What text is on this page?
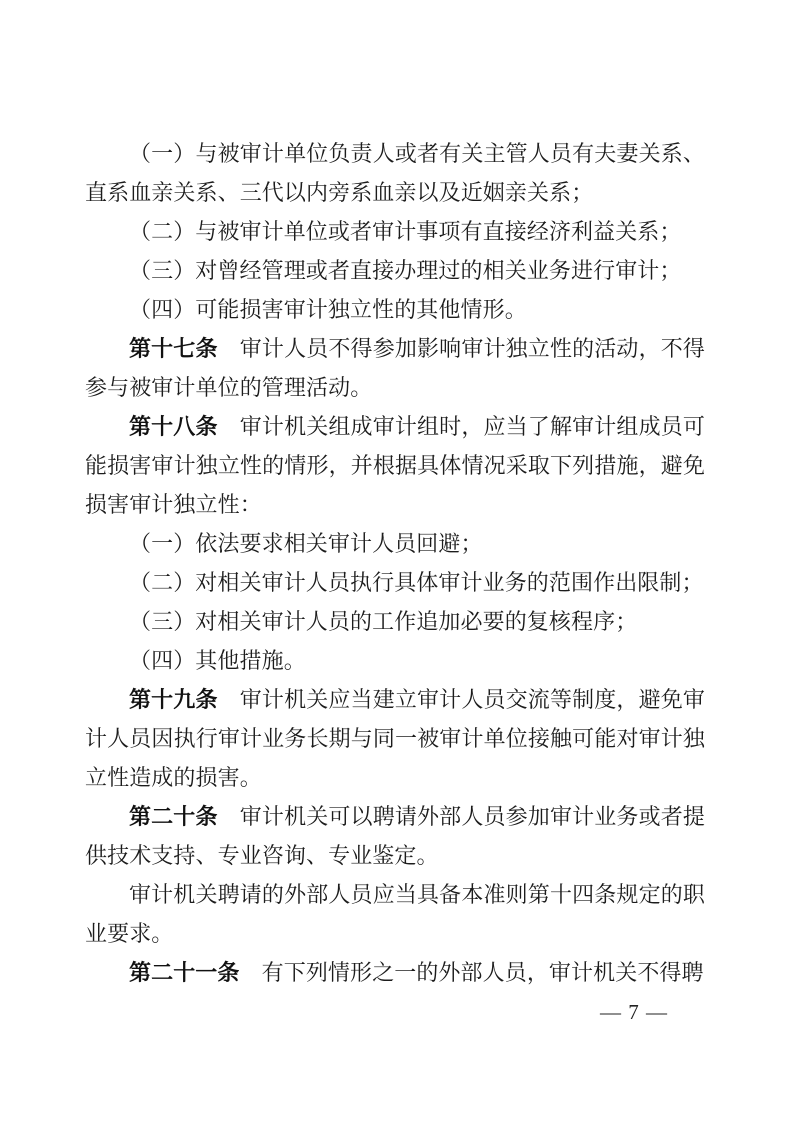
（一）与被审计单位负责人或者有关主管人员有夫妻关系、直系血亲关系、三代以内旁系血亲以及近姻亲关系；

（二）与被审计单位或者审计事项有直接经济利益关系；

（三）对曾经管理或者直接办理过的相关业务进行审计；

（四）可能损害审计独立性的其他情形。

第十七条　审计人员不得参加影响审计独立性的活动，不得参与被审计单位的管理活动。

第十八条　审计机关组成审计组时，应当了解审计组成员可能损害审计独立性的情形，并根据具体情况采取下列措施，避免损害审计独立性：

（一）依法要求相关审计人员回避；

（二）对相关审计人员执行具体审计业务的范围作出限制；

（三）对相关审计人员的工作追加必要的复核程序；

（四）其他措施。

第十九条　审计机关应当建立审计人员交流等制度，避免审计人员因执行审计业务长期与同一被审计单位接触可能对审计独立性造成的损害。

第二十条　审计机关可以聘请外部人员参加审计业务或者提供技术支持、专业咨询、专业鉴定。

审计机关聘请的外部人员应当具备本准则第十四条规定的职业要求。

第二十一条　有下列情形之一的外部人员，审计机关不得聘

— 7 —
